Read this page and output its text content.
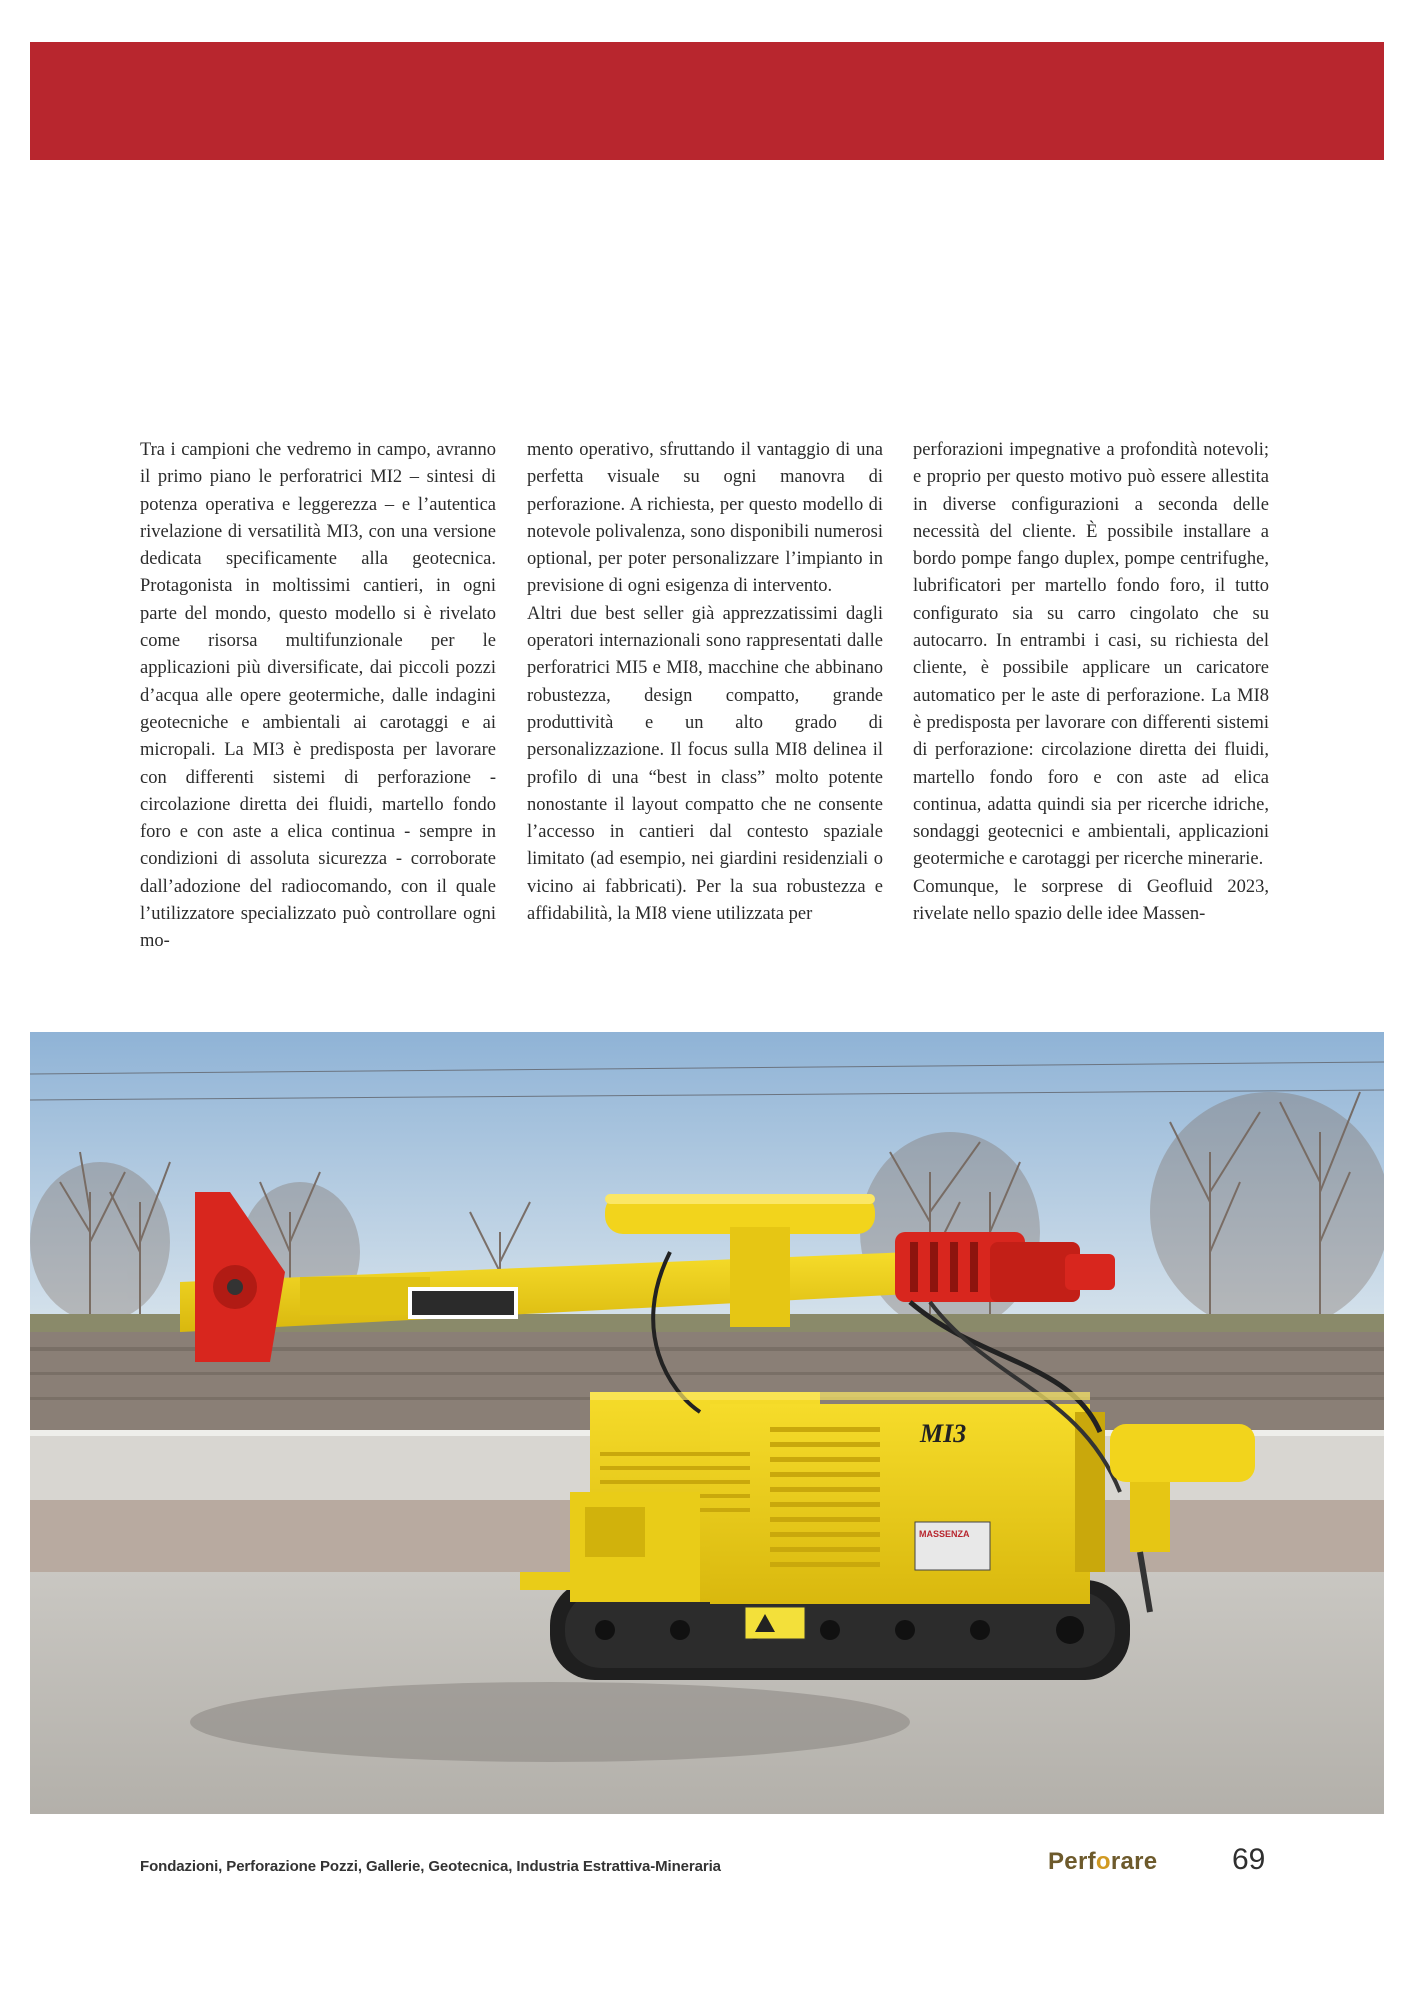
Tra i campioni che vedremo in campo, avranno il primo piano le perforatrici MI2 – sintesi di potenza operativa e leggerezza – e l’autentica rivelazione di versatilità MI3, con una versione dedicata specificamente alla geotecnica. Protagonista in moltissimi cantieri, in ogni parte del mondo, questo modello si è rivelato come risorsa multifunzionale per le applicazioni più diversificate, dai piccoli pozzi d’acqua alle opere geotermiche, dalle indagini geotecniche e ambientali ai carotaggi e ai micropali. La MI3 è predisposta per lavorare con differenti sistemi di perforazione - circolazione diretta dei fluidi, martello fondo foro e con aste a elica continua - sempre in condizioni di assoluta sicurezza - corroborate dall’adozione del radiocomando, con il quale l’utilizzatore specializzato può controllare ogni mo-

mento operativo, sfruttando il vantaggio di una perfetta visuale su ogni manovra di perforazione. A richiesta, per questo modello di notevole polivalenza, sono disponibili numerosi optional, per poter personalizzare l’impianto in previsione di ogni esigenza di intervento.

Altri due best seller già apprezzatissimi dagli operatori internazionali sono rappresentati dalle perforatrici MI5 e MI8, macchine che abbinano robustezza, design compatto, grande produttività e un alto grado di personalizzazione. Il focus sulla MI8 delinea il profilo di una “best in class” molto potente nonostante il layout compatto che ne consente l’accesso in cantieri dal contesto spaziale limitato (ad esempio, nei giardini residenziali o vicino ai fabbricati). Per la sua robustezza e affidabilità, la MI8 viene utilizzata per

perforazioni impegnative a profondità notevoli; e proprio per questo motivo può essere allestita in diverse configurazioni a seconda delle necessità del cliente. È possibile installare a bordo pompe fango duplex, pompe centrifughe, lubrificatori per martello fondo foro, il tutto configurato sia su carro cingolato che su autocarro. In entrambi i casi, su richiesta del cliente, è possibile applicare un caricatore automatico per le aste di perforazione. La MI8 è predisposta per lavorare con differenti sistemi di perforazione: circolazione diretta dei fluidi, martello fondo foro e con aste ad elica continua, adatta quindi sia per ricerche idriche, sondaggi geotecnici e ambientali, applicazioni geotermiche e carotaggi per ricerche minerarie.

Comunque, le sorprese di Geofluid 2023, rivelate nello spazio delle idee Massen-

MI3
MASSENZA
Fondazioni, Perforazione Pozzi, Gallerie, Geotecnica, Industria Estrattiva-Mineraria	Perforare 69
